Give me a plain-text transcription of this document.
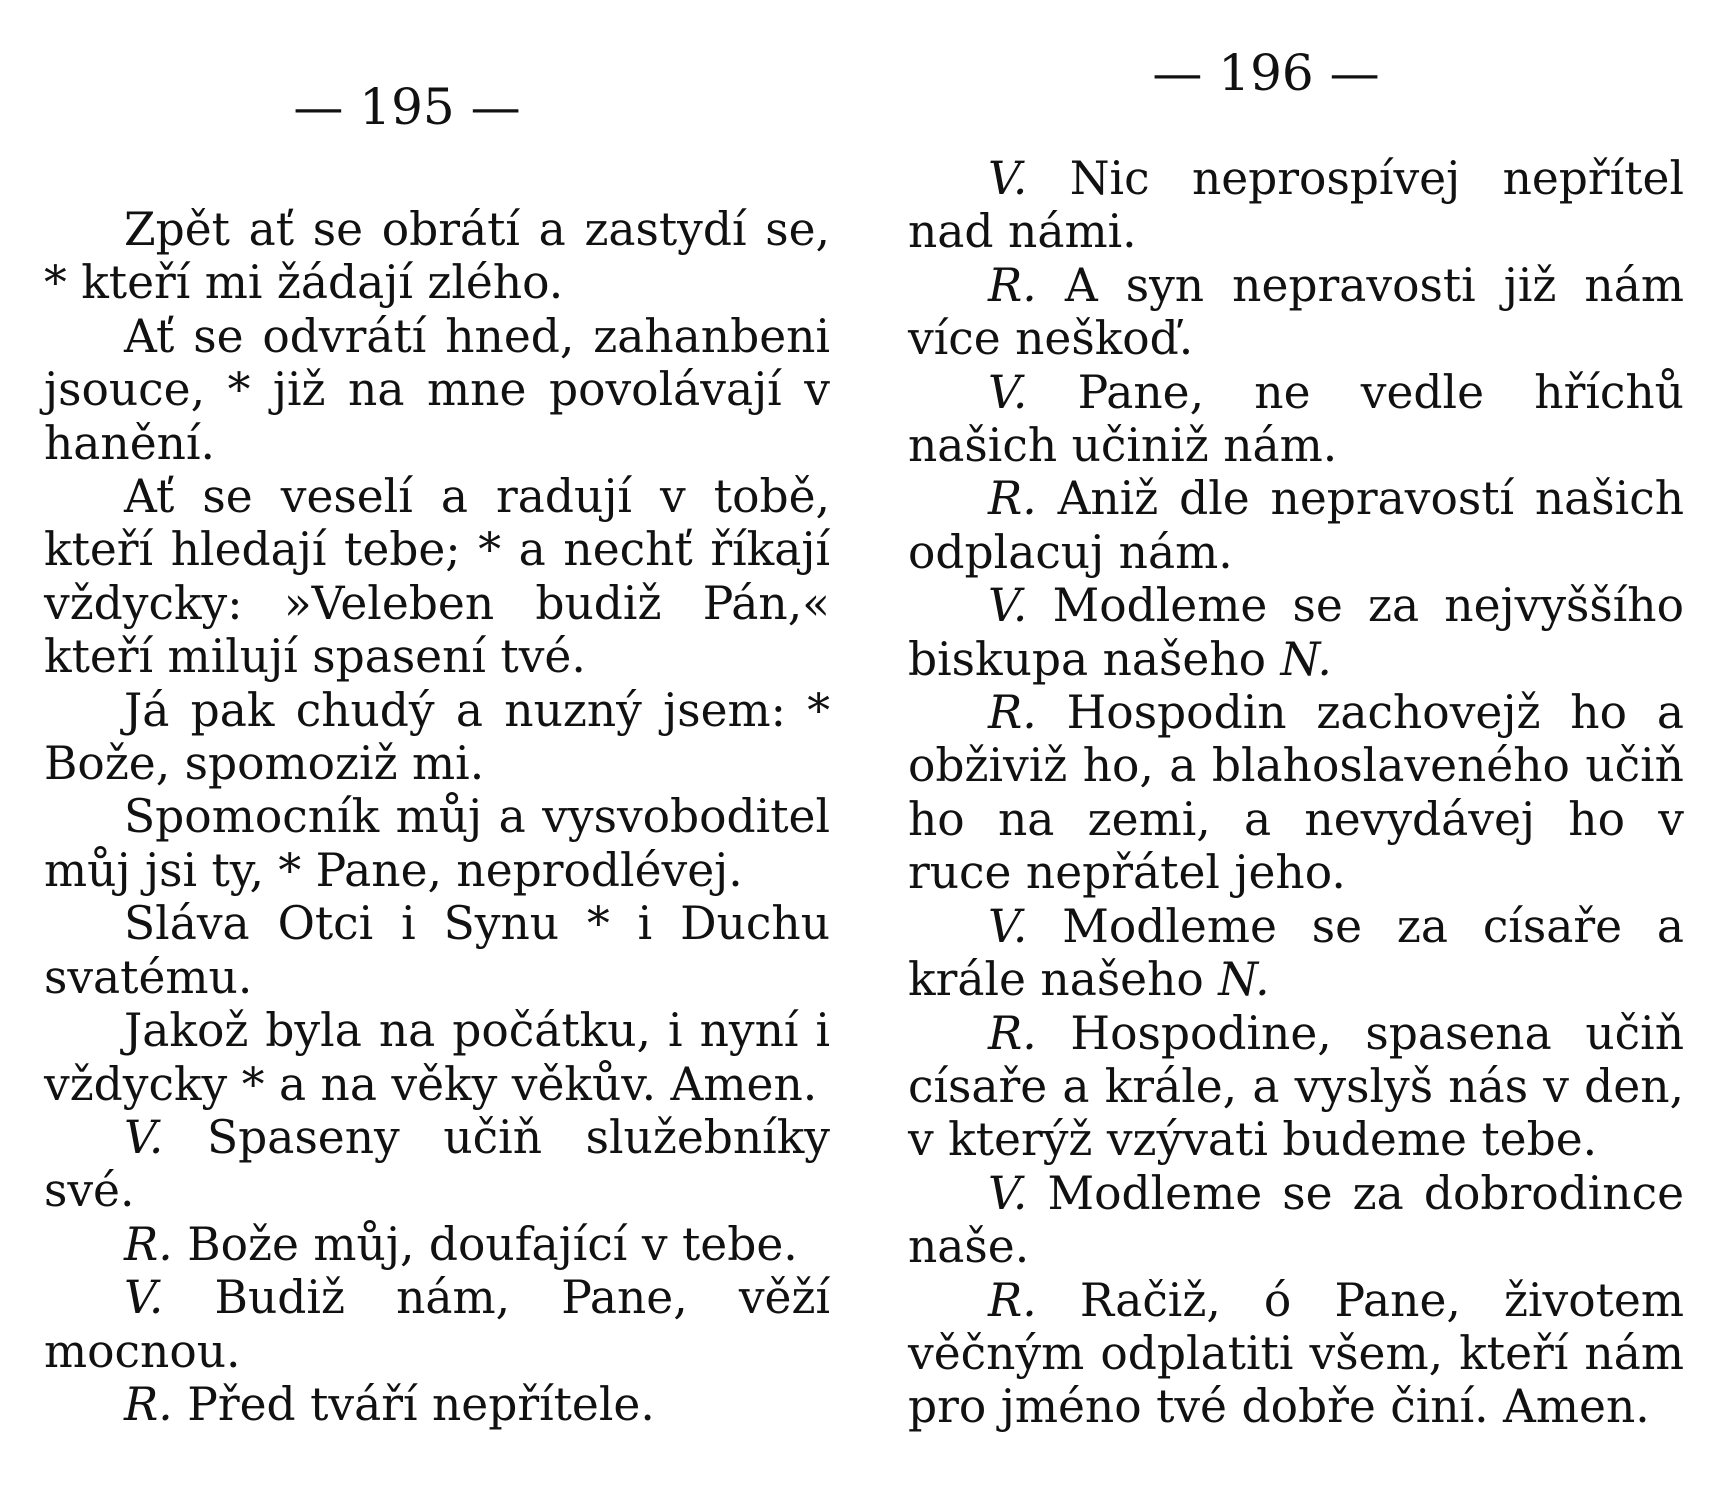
— 195 —

Zpět ať se obrátí a zastydí se, * kteří mi žádají zlého.

Ať se odvrátí hned, zahanbeni jsouce, * již na mne povolávají v hanění.

Ať se veselí a radují v tobě, kteří hledají tebe; * a nechť říkají vždycky: »Veleben budiž Pán,« kteří milují spasení tvé.

Já pak chudý a nuzný jsem: * Bože, spomoziž mi.

Spomocník můj a vysvoboditel můj jsi ty, * Pane, neprodlévej.

Sláva Otci i Synu * i Duchu svatému.

Jakož byla na počátku, i nyní i vždycky * a na věky věkův. Amen.

V. Spaseny učiň služebníky své.

R. Bože můj, doufající v tebe.

V. Budiž nám, Pane, věží mocnou.

R. Před tváří nepřítele.

— 196 —

V. Nic neprospívej nepřítel nad námi.

R. A syn nepravosti již nám více neškoď.

V. Pane, ne vedle hříchů našich učiniž nám.

R. Aniž dle nepravostí našich odplacuj nám.

V. Modleme se za nejvyššího biskupa našeho N.

R. Hospodin zachovejž ho a obživiž ho, a blahoslaveného učiň ho na zemi, a nevydávej ho v ruce nepřátel jeho.

V. Modleme se za císaře a krále našeho N.

R. Hospodine, spasena učiň císaře a krále, a vyslyš nás v den, v kterýž vzývati budeme tebe.

V. Modleme se za dobrodince naše.

R. Račiž, ó Pane, životem věčným odplatiti všem, kteří nám pro jméno tvé dobře činí. Amen.
